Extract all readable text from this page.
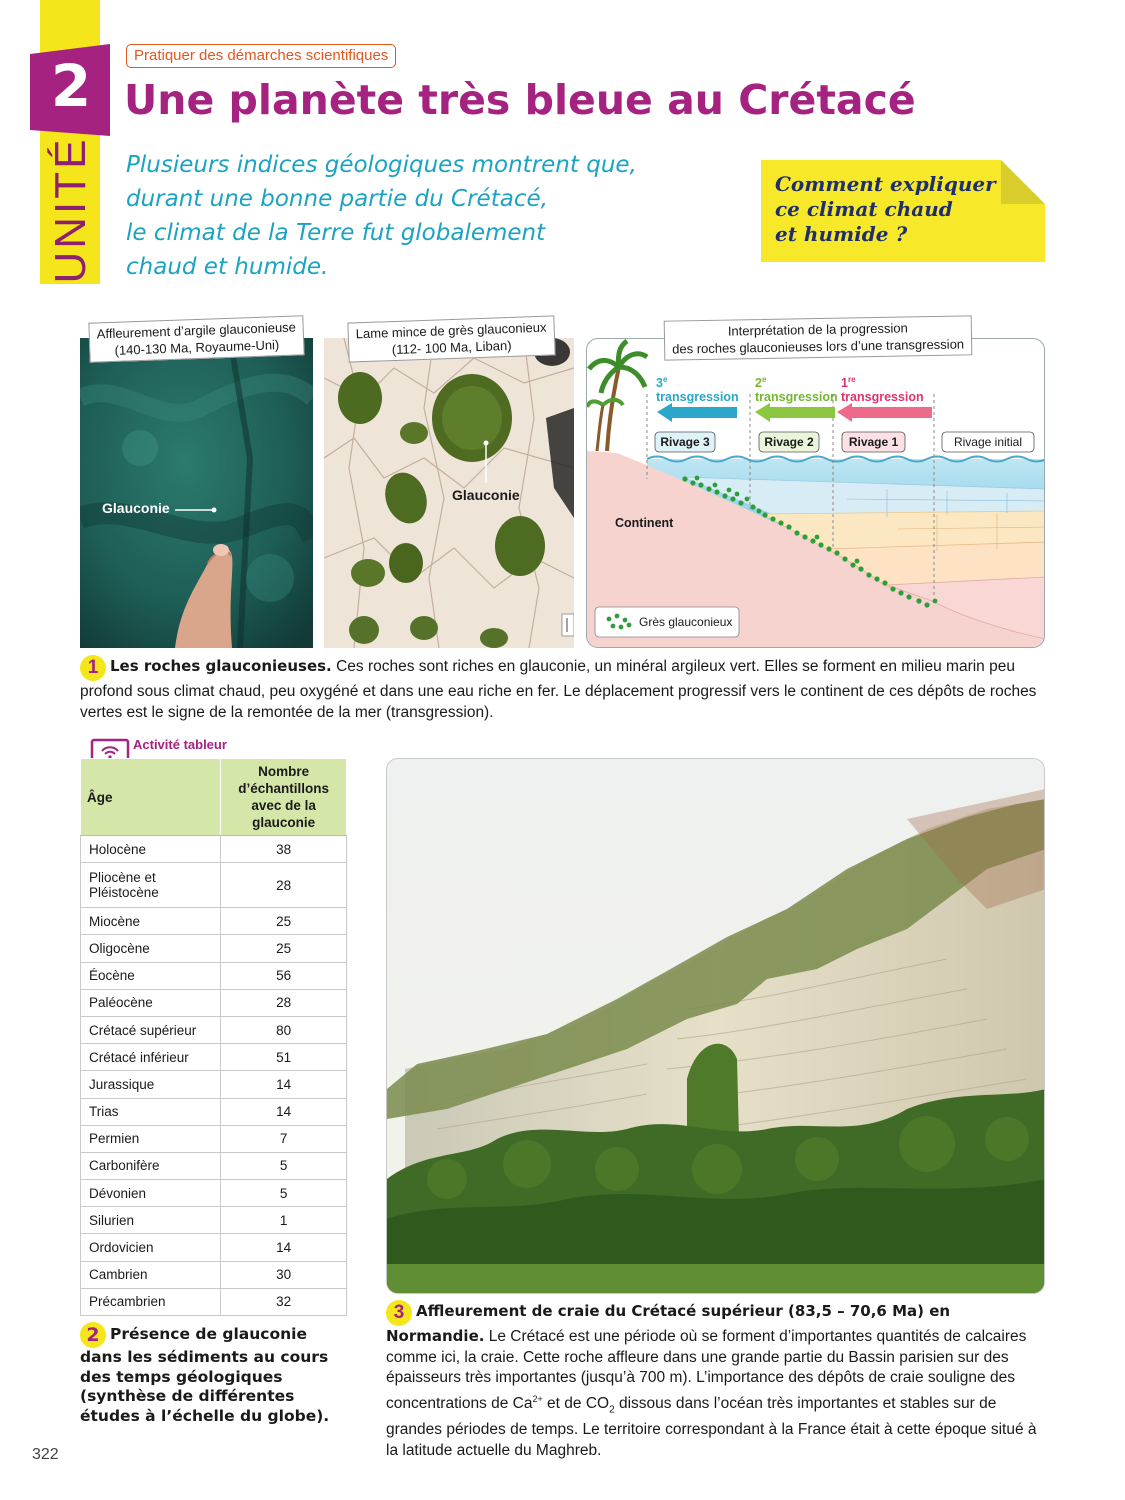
2
UNITÉ
Pratiquer des démarches scientifiques
Une planète très bleue au Crétacé
Plusieurs indices géologiques montrent que,
durant une bonne partie du Crétacé,
le climat de la Terre fut globalement
chaud et humide.
Comment expliquer
ce climat chaud
et humide ?
Glauconie
Affleurement d’argile glauconieuse
(140-130 Ma, Royaume-Uni)
Glauconie
Lame mince de grès glauconieux
(112- 100 Ma, Liban)
3e
transgression
2e
transgression
1re
transgression
Rivage 3	Rivage 2	Rivage 1	Rivage initial
Continent
Grès glauconieux
Interprétation de la progression
des roches glauconieuses lors d’une transgression

1 Les roches glauconieuses. Ces roches sont riches en glauconie, un minéral argileux vert. Elles se forment en milieu marin peu profond sous climat chaud, peu oxygéné et dans une eau riche en fer. Le déplacement progressif vers le continent de ces dépôts de roches vertes est le signe de la remontée de la mer (transgression).

Activité tableur
Âge	Nombre
d’échantillons
avec de la
glauconie
Holocène	38
Pliocène et Pléistocène	28
Miocène	25
Oligocène	25
Éocène	56
Paléocène	28
Crétacé supérieur	80
Crétacé inférieur	51
Jurassique	14
Trias	14
Permien	7
Carbonifère	5
Dévonien	5
Silurien	1
Ordovicien	14
Cambrien	30
Précambrien	32

2 Présence de glauconie dans les sédiments au cours des temps géologiques (synthèse de différentes études à l’échelle du globe).

3 Affleurement de craie du Crétacé supérieur (83,5 – 70,6 Ma) en Normandie. Le Crétacé est une période où se forment d’importantes quantités de calcaires comme ici, la craie. Cette roche affleure dans une grande partie du Bassin parisien sur des épaisseurs très importantes (jusqu’à 700 m). L’importance des dépôts de craie souligne des concentrations de $Ca^{2+}$ et de $CO_2$ dissous dans l’océan très importantes et stables sur de grandes périodes de temps. Le territoire correspondant à la France était à cette époque situé à la latitude actuelle du Maghreb.

322
